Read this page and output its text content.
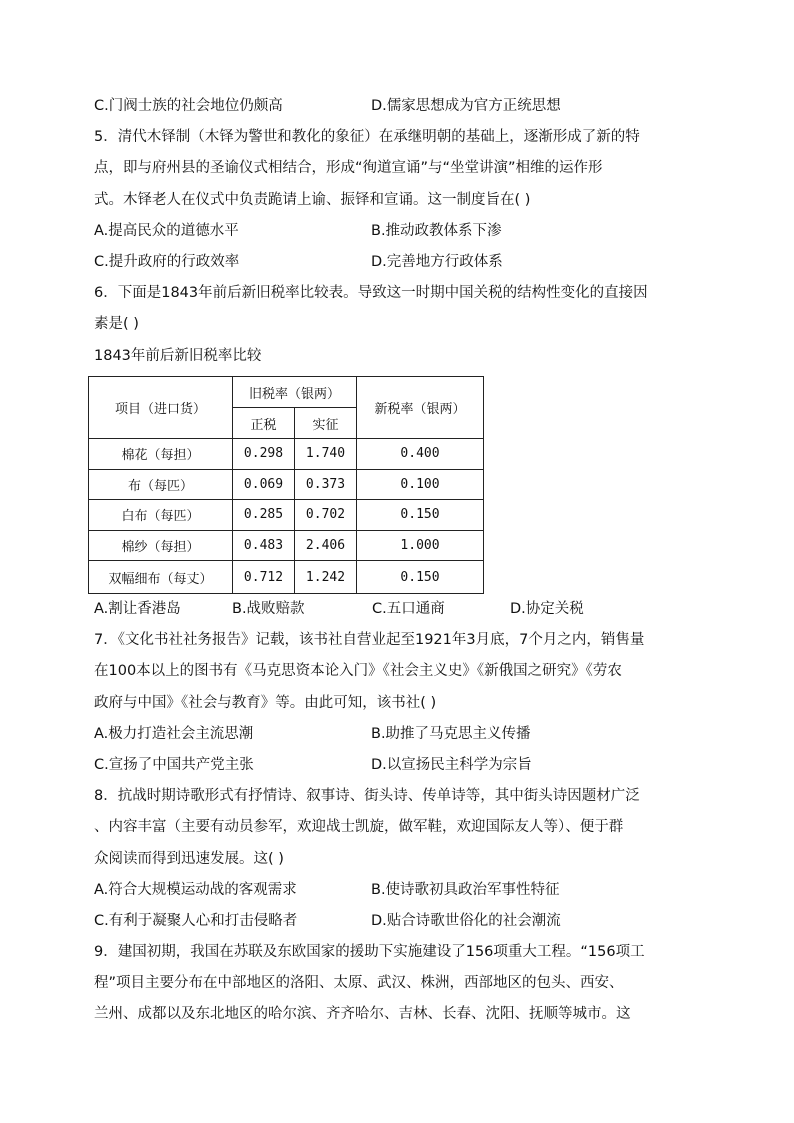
C.门阀士族的社会地位仍颇高	D.儒家思想成为官方正统思想
5．清代木铎制（木铎为警世和教化的象征）在承继明朝的基础上，逐渐形成了新的特
点，即与府州县的圣谕仪式相结合，形成“徇道宣诵”与“坐堂讲演”相维的运作形
式。木铎老人在仪式中负责跪请上谕、振铎和宣诵。这一制度旨在( )
A.提高民众的道德水平	B.推动政教体系下渗
C.提升政府的行政效率	D.完善地方行政体系
6．下面是1843年前后新旧税率比较表。导致这一时期中国关税的结构性变化的直接因
素是( )
1843年前后新旧税率比较
项目（进口货）	旧税率（银两）		新税率（银两）
	正税	实征	
棉花（每担）	0.298	1.740	0.400
布（每匹）	0.069	0.373	0.100
白布（每匹）	0.285	0.702	0.150
棉纱（每担）	0.483	2.406	1.000
双幅细布（每丈）	0.712	1.242	0.150
A.割让香港岛	B.战败赔款	C.五口通商	D.协定关税
7．《文化书社社务报告》记载，该书社自营业起至1921年3月底，7个月之内，销售量
在100本以上的图书有《马克思资本论入门》《社会主义史》《新俄国之研究》《劳农
政府与中国》《社会与教育》等。由此可知，该书社( )
A.极力打造社会主流思潮	B.助推了马克思主义传播
C.宣扬了中国共产党主张	D.以宣扬民主科学为宗旨
8．抗战时期诗歌形式有抒情诗、叙事诗、街头诗、传单诗等，其中街头诗因题材广泛
、内容丰富（主要有动员参军，欢迎战士凯旋，做军鞋，欢迎国际友人等）、便于群
众阅读而得到迅速发展。这( )
A.符合大规模运动战的客观需求	B.使诗歌初具政治军事性特征
C.有利于凝聚人心和打击侵略者	D.贴合诗歌世俗化的社会潮流
9．建国初期，我国在苏联及东欧国家的援助下实施建设了156项重大工程。“156项工
程”项目主要分布在中部地区的洛阳、太原、武汉、株洲，西部地区的包头、西安、
兰州、成都以及东北地区的哈尔滨、齐齐哈尔、吉林、长春、沈阳、抚顺等城市。这
